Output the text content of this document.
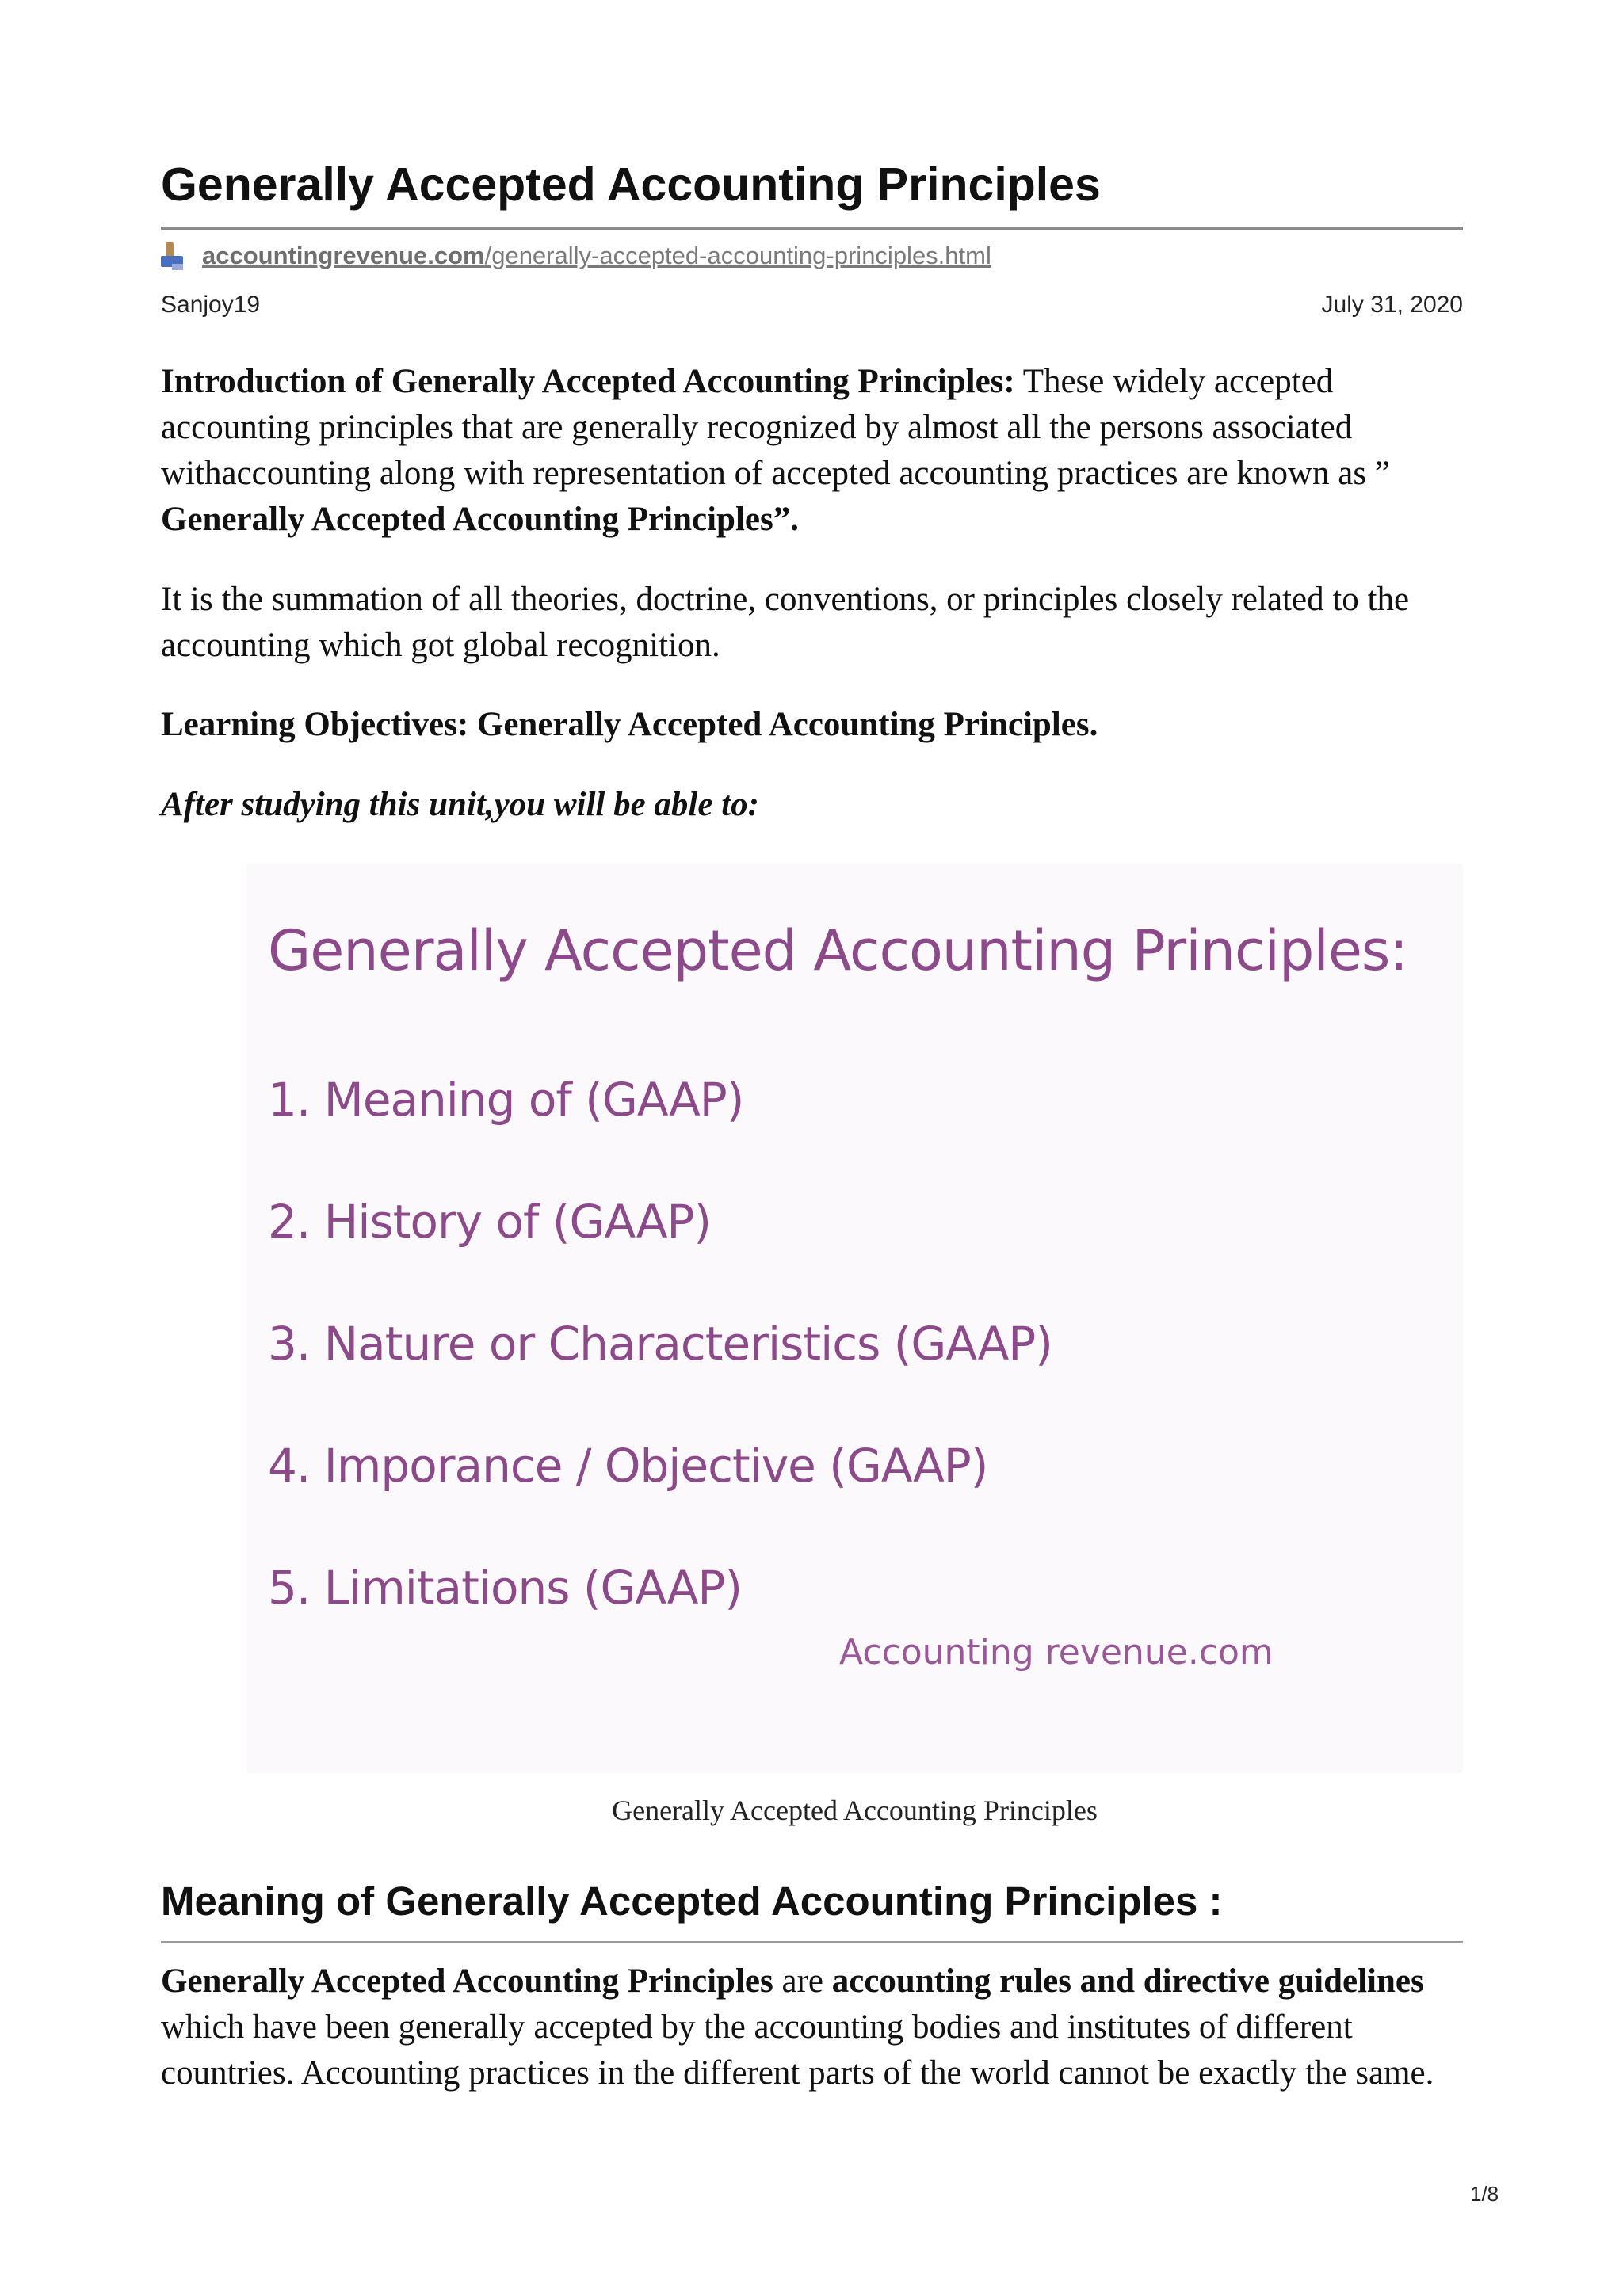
Generally Accepted Accounting Principles
accountingrevenue.com/generally-accepted-accounting-principles.html
Sanjoy19	July 31, 2020

Introduction of Generally Accepted Accounting Principles: These widely accepted accounting principles that are generally recognized by almost all the persons associated withaccounting along with representation of accepted accounting practices are known as ” Generally Accepted Accounting Principles”.

It is the summation of all theories, doctrine, conventions, or principles closely related to the accounting which got global recognition.

Learning Objectives: Generally Accepted Accounting Principles.

After studying this unit,you will be able to:

Generally Accepted Accounting Principles:

1. Meaning of (GAAP)
2. History of (GAAP)
3. Nature or Characteristics (GAAP)
4. Imporance / Objective (GAAP)
5. Limitations (GAAP)
Accounting revenue.com
Generally Accepted Accounting Principles
Meaning of Generally Accepted Accounting Principles :

Generally Accepted Accounting Principles are accounting rules and directive guidelines which have been generally accepted by the accounting bodies and institutes of different countries. Accounting practices in the different parts of the world cannot be exactly the same.

1/8
